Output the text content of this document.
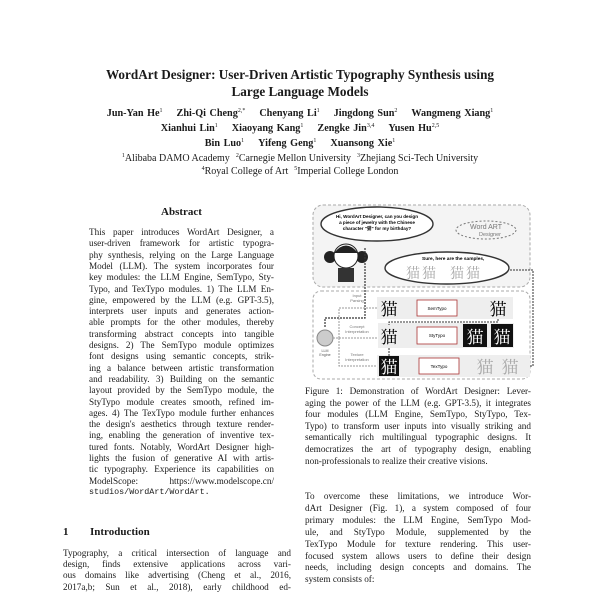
WordArt Designer: User-Driven Artistic Typography Synthesis using
Large Language Models
Jun-Yan He$^1$ Zhi-Qi Cheng$^{2,*}$ Chenyang Li$^1$ Jingdong Sun$^2$ Wangmeng Xiang$^1$
Xianhui Lin$^1$ Xiaoyang Kang$^1$ Zengke Jin$^{3,4}$ Yusen Hu$^{2,5}$
Bin Luo$^1$ Yifeng Geng$^1$ Xuansong Xie$^1$
$^1$Alibaba DAMO Academy $^2$Carnegie Mellon University $^3$Zhejiang Sci-Tech University
$^4$Royal College of Art $^5$Imperial College London
Abstract
This paper introduces WordArt Designer, a
user-driven framework for artistic typogra-
phy synthesis, relying on the Large Language
Model (LLM). The system incorporates four
key modules: the LLM Engine, SemTypo, Sty-
Typo, and TexTypo modules. 1) The LLM En-
gine, empowered by the LLM (e.g. GPT-3.5),
interprets user inputs and generates action-
able prompts for the other modules, thereby
transforming abstract concepts into tangible
designs. 2) The SemTypo module optimizes
font designs using semantic concepts, strik-
ing a balance between artistic transformation
and readability. 3) Building on the semantic
layout provided by the SemTypo module, the
StyTypo module creates smooth, refined im-
ages. 4) The TexTypo module further enhances
the design's aesthetics through texture render-
ing, enabling the generation of inventive tex-
tured fonts. Notably, WordArt Designer high-
lights the fusion of generative AI with artis-
tic typography. Experience its capabilities on
ModelScope: https://www.modelscope.cn/
studios/WordArt/WordArt.
1 Introduction
Typography, a critical intersection of language and
design, finds extensive applications across vari-
ous domains like advertising (Cheng et al., 2016,
2017a,b; Sun et al., 2018), early childhood ed-
Hi, WordArt Designer, can you design a piece of jewelry with the Chinese character "猫" for my birthday?	Word ART
Designer
Sure, here are the samples,
猫 猫 猫 猫
LLM Engine
Input Parsing
Concept Interpretation
Texture Interpretation
猫	猫
猫	猫 猫
猫	猫 猫
SemTypo
StyTypo
TexTypo
Figure 1: Demonstration of WordArt Designer: Lever-
aging the power of the LLM (e.g. GPT-3.5), it integrates
four modules (LLM Engine, SemTypo, StyTypo, Tex-
Typo) to transform user inputs into visually striking and
semantically rich multilingual typographic designs. It
democratizes the art of typography design, enabling
non-professionals to realize their creative visions.
To overcome these limitations, we introduce Wor-
dArt Designer (Fig. 1), a system composed of four
primary modules: the LLM Engine, SemTypo Mod-
ule, and StyTypo Module, supplemented by the
TexTypo Module for texture rendering. This user-
focused system allows users to define their design
needs, including design concepts and domains. The
system consists of:
